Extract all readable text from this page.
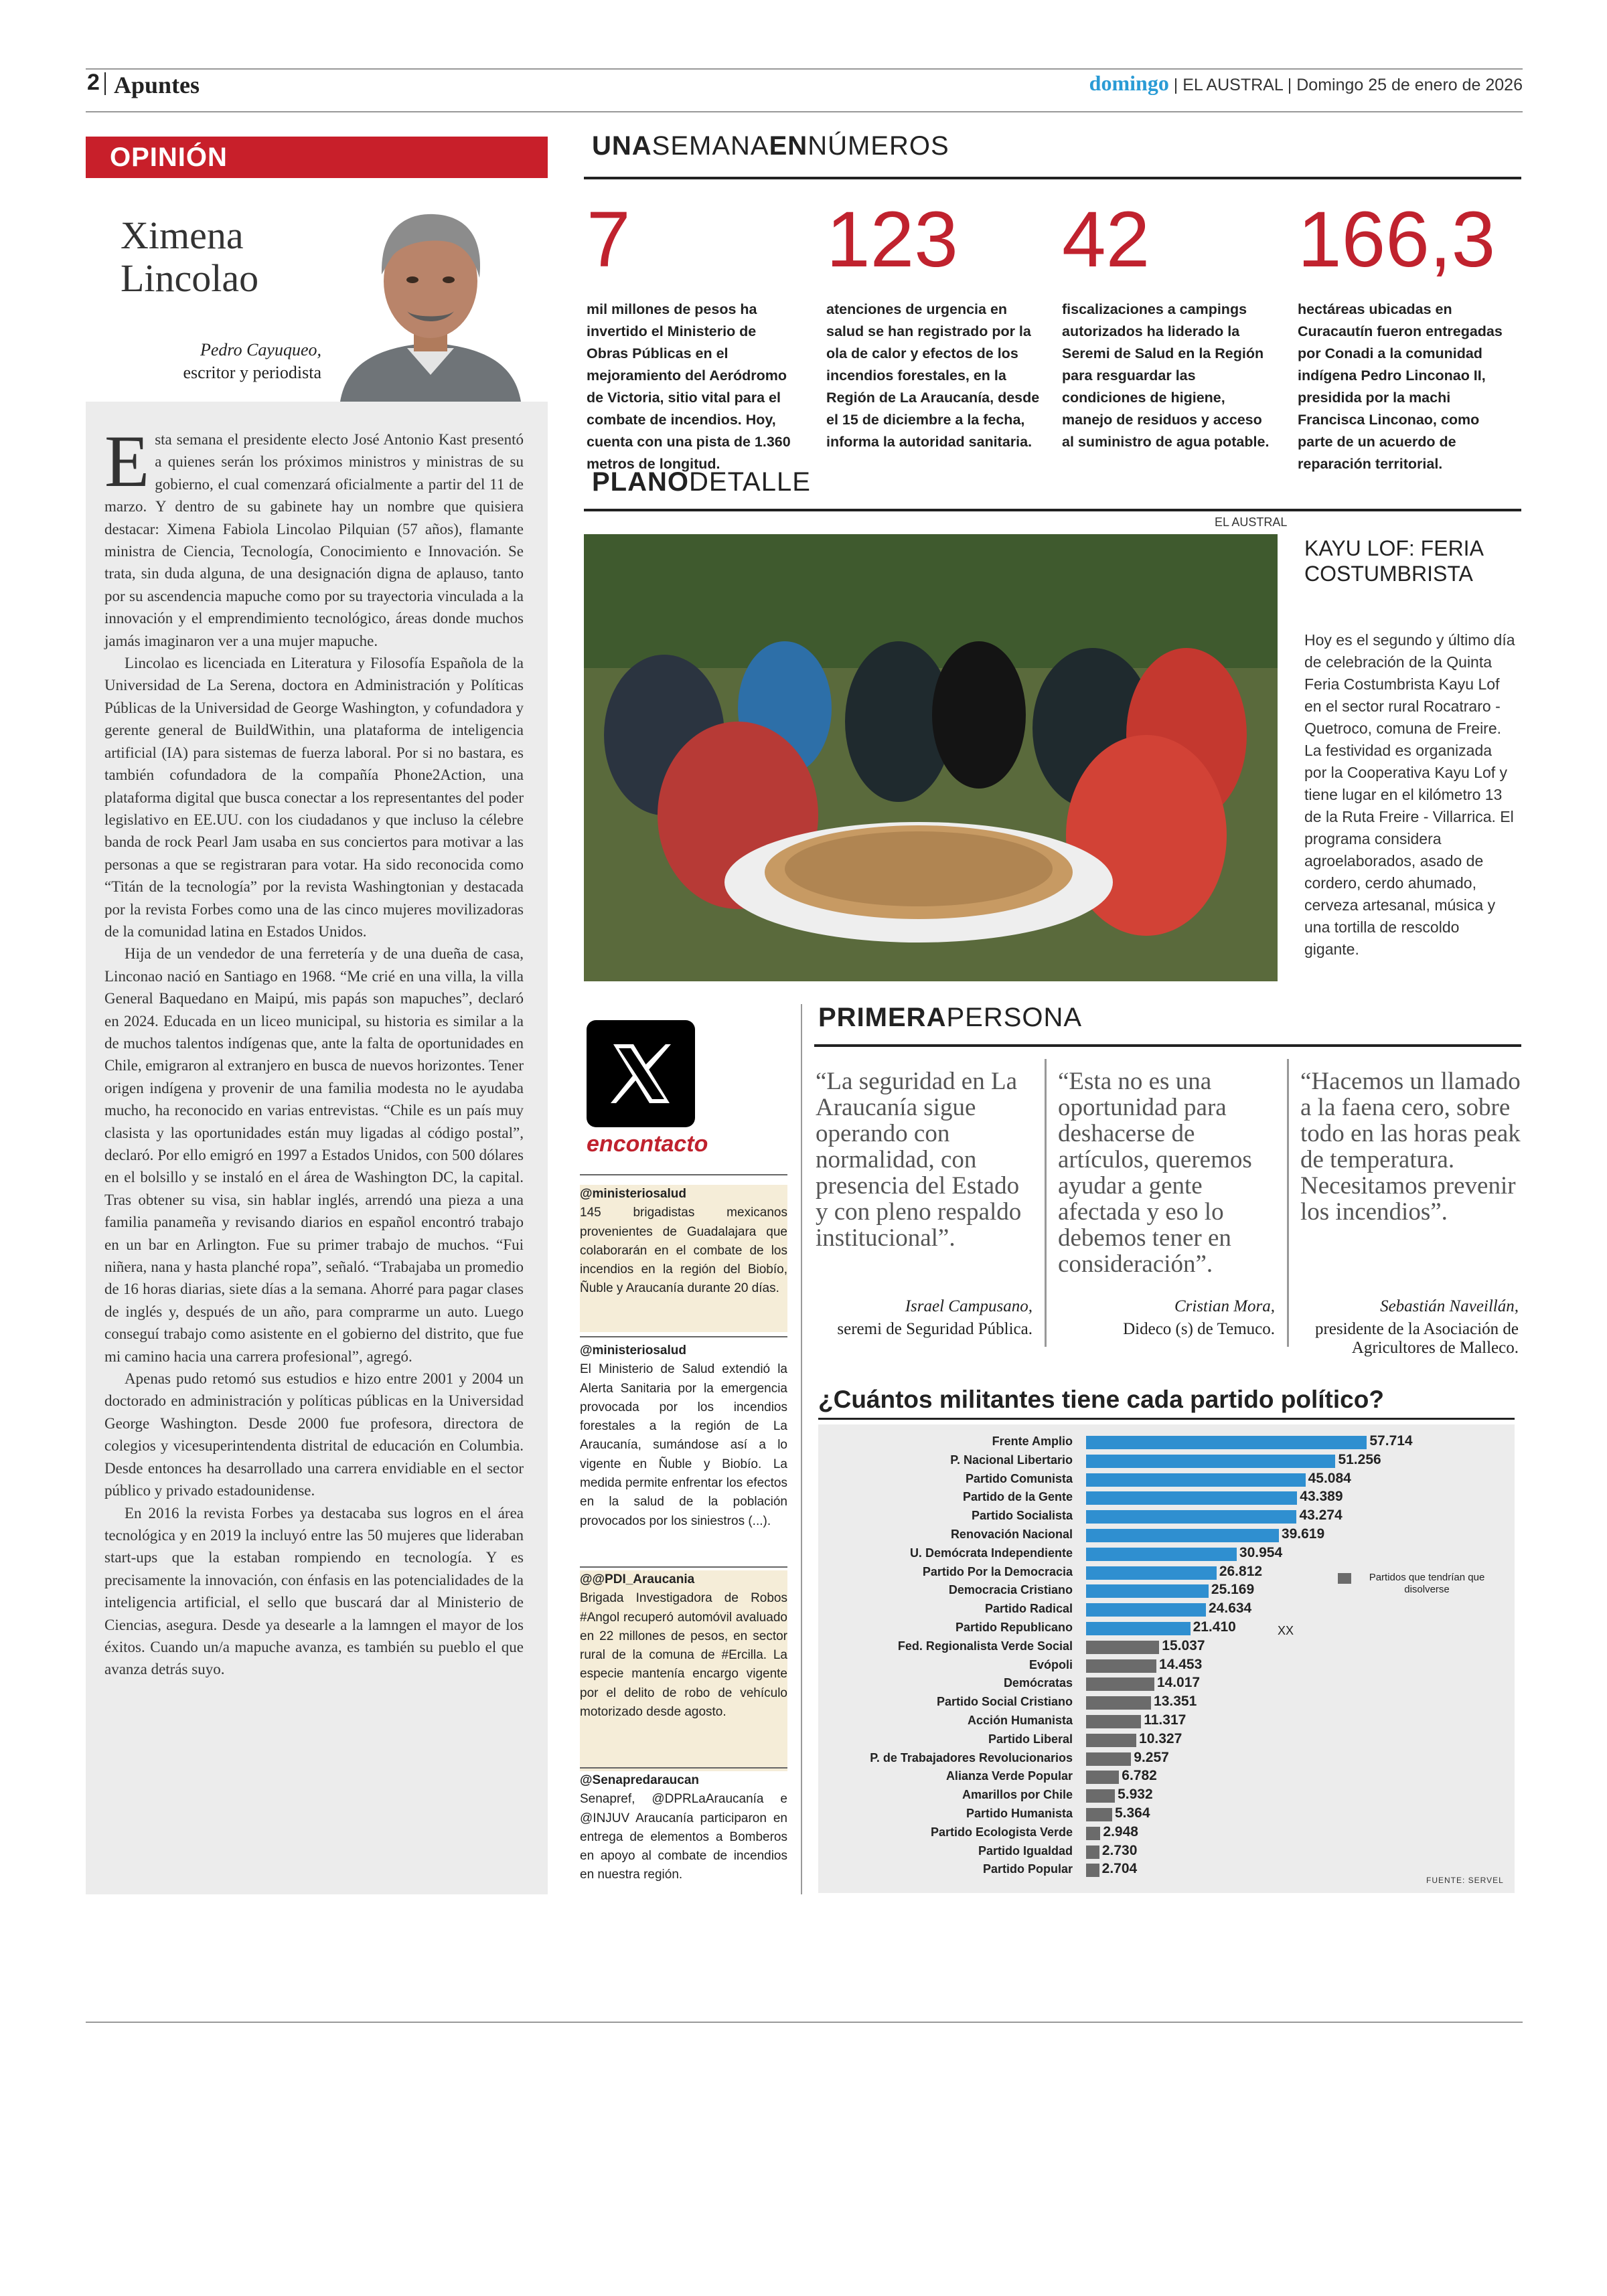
2 Apuntes	domingo | EL AUSTRAL | Domingo 25 de enero de 2026
OPINIÓN
Ximena
Lincolao
Pedro Cayuqueo,
escritor y periodista

Esta semana el presidente electo José Antonio Kast presentó a quienes serán los próximos ministros y ministras de su gobierno, el cual comenzará oficialmente a partir del 11 de marzo. Y dentro de su gabinete hay un nombre que quisiera destacar: Ximena Fabiola Lincolao Pilquian (57 años), flamante ministra de Ciencia, Tecnología, Conocimiento e Innovación. Se trata, sin duda alguna, de una designación digna de aplauso, tanto por su ascendencia mapuche como por su trayectoria vinculada a la innovación y el emprendimiento tecnológico, áreas donde muchos jamás imaginaron ver a una mujer mapuche.

Lincolao es licenciada en Literatura y Filosofía Española de la Universidad de La Serena, doctora en Administración y Políticas Públicas de la Universidad de George Washington, y cofundadora y gerente general de BuildWithin, una plataforma de inteligencia artificial (IA) para sistemas de fuerza laboral. Por si no bastara, es también cofundadora de la compañía Phone2Action, una plataforma digital que busca conectar a los representantes del poder legislativo en EE.UU. con los ciudadanos y que incluso la célebre banda de rock Pearl Jam usaba en sus conciertos para motivar a las personas a que se registraran para votar. Ha sido reconocida como “Titán de la tecnología” por la revista Washingtonian y destacada por la revista Forbes como una de las cinco mujeres movilizadoras de la comunidad latina en Estados Unidos.

Hija de un vendedor de una ferretería y de una dueña de casa, Linconao nació en Santiago en 1968. “Me crié en una villa, la villa General Baquedano en Maipú, mis papás son mapuches”, declaró en 2024. Educada en un liceo municipal, su historia es similar a la de muchos talentos indígenas que, ante la falta de oportunidades en Chile, emigraron al extranjero en busca de nuevos horizontes. Tener origen indígena y provenir de una familia modesta no le ayudaba mucho, ha reconocido en varias entrevistas. “Chile es un país muy clasista y las oportunidades están muy ligadas al código postal”, declaró. Por ello emigró en 1997 a Estados Unidos, con 500 dólares en el bolsillo y se instaló en el área de Washington DC, la capital. Tras obtener su visa, sin hablar inglés, arrendó una pieza a una familia panameña y revisando diarios en español encontró trabajo en un bar en Arlington. Fue su primer trabajo de muchos. “Fui niñera, nana y hasta planché ropa”, señaló. “Trabajaba un promedio de 16 horas diarias, siete días a la semana. Ahorré para pagar clases de inglés y, después de un año, para comprarme un auto. Luego conseguí trabajo como asistente en el gobierno del distrito, que fue mi camino hacia una carrera profesional”, agregó.

Apenas pudo retomó sus estudios e hizo entre 2001 y 2004 un doctorado en administración y políticas públicas en la Universidad George Washington. Desde 2000 fue profesora, directora de colegios y vicesuperintendenta distrital de educación en Columbia. Desde entonces ha desarrollado una carrera envidiable en el sector público y privado estadounidense.

En 2016 la revista Forbes ya destacaba sus logros en el área tecnológica y en 2019 la incluyó entre las 50 mujeres que lideraban start-ups que la estaban rompiendo en tecnología. Y es precisamente la innovación, con énfasis en las potencialidades de la inteligencia artificial, el sello que buscará dar al Ministerio de Ciencias, asegura. Desde ya desearle a la lamngen el mayor de los éxitos. Cuando un/a mapuche avanza, es también su pueblo el que avanza detrás suyo.

UNASEMANAENNÚMEROS
7
mil millones de pesos ha invertido el Ministerio de Obras Públicas en el mejoramiento del Aeródromo de Victoria, sitio vital para el combate de incendios. Hoy, cuenta con una pista de 1.360 metros de longitud.
123
atenciones de urgencia en salud se han registrado por la ola de calor y efectos de los incendios forestales, en la Región de La Araucanía, desde el 15 de diciembre a la fecha, informa la autoridad sanitaria.
42
fiscalizaciones a campings autorizados ha liderado la Seremi de Salud en la Región para resguardar las condiciones de higiene, manejo de residuos y acceso al suministro de agua potable.
166,3
hectáreas ubicadas en Curacautín fueron entregadas por Conadi a la comunidad indígena Pedro Linconao II, presidida por la machi Francisca Linconao, como parte de un acuerdo de reparación territorial.
PLANODETALLE
EL AUSTRAL
KAYU LOF: FERIA COSTUMBRISTA
Hoy es el segundo y último día de celebración de la Quinta Feria Costumbrista Kayu Lof en el sector rural Rocatraro - Quetroco, comuna de Freire. La festividad es organizada por la Cooperativa Kayu Lof y tiene lugar en el kilómetro 13 de la Ruta Freire - Villarrica. El programa considera agroelaborados, asado de cordero, cerdo ahumado, cerveza artesanal, música y una tortilla de rescoldo gigante.
encontacto
@ministeriosalud
145 brigadistas mexicanos provenientes de Guadalajara que colaborarán en el combate de los incendios en la región del Biobío, Ñuble y Araucanía durante 20 días.
@ministeriosalud
El Ministerio de Salud extendió la Alerta Sanitaria por la emergencia provocada por los incendios forestales a la región de La Araucanía, sumándose así a lo vigente en Ñuble y Biobío. La medida permite enfrentar los efectos en la salud de la población provocados por los siniestros (...).
@@PDI_Araucania
Brigada Investigadora de Robos #Angol recuperó automóvil avaluado en 22 millones de pesos, en sector rural de la comuna de #Ercilla. La especie mantenía encargo vigente por el delito de robo de vehículo motorizado desde agosto.
@Senapredaraucan
Senapref, @DPRLaAraucanía e @INJUV Araucanía participaron en entrega de elementos a Bomberos en apoyo al combate de incendios en nuestra región.
PRIMERAPERSONA
“La seguridad en La Araucanía sigue operando con normalidad, con presencia del Estado y con pleno respaldo institucional”.
Israel Campusano,
seremi de Seguridad Pública.
“Esta no es una oportunidad para deshacerse de artículos, queremos ayudar a gente afectada y eso lo debemos tener en consideración”.
Cristian Mora,
Dideco (s) de Temuco.
“Hacemos un llamado a la faena cero, sobre todo en las horas peak de temperatura. Necesitamos prevenir los incendios”.
Sebastián Naveillán,
presidente de la Asociación de Agricultores de Malleco.
¿Cuántos militantes tiene cada partido político?
Frente Amplio	57.714
P. Nacional Libertario	51.256
Partido Comunista	45.084
Partido de la Gente	43.389
Partido Socialista	43.274
Renovación Nacional	39.619
U. Demócrata Independiente	30.954
Partido Por la Democracia	26.812
Democracia Cristiano	25.169
Partido Radical	24.634
Partido Republicano	21.410
Fed. Regionalista Verde Social	15.037
Evópoli	14.453
Demócratas	14.017
Partido Social Cristiano	13.351
Acción Humanista	11.317
Partido Liberal	10.327
P. de Trabajadores Revolucionarios	9.257
Alianza Verde Popular	6.782
Amarillos por Chile	5.932
Partido Humanista	5.364
Partido Ecologista Verde 2.948
Partido Igualdad 2.730
Partido Popular 2.704
Partidos que tendrían que disolverse
XX
FUENTE: SERVEL
